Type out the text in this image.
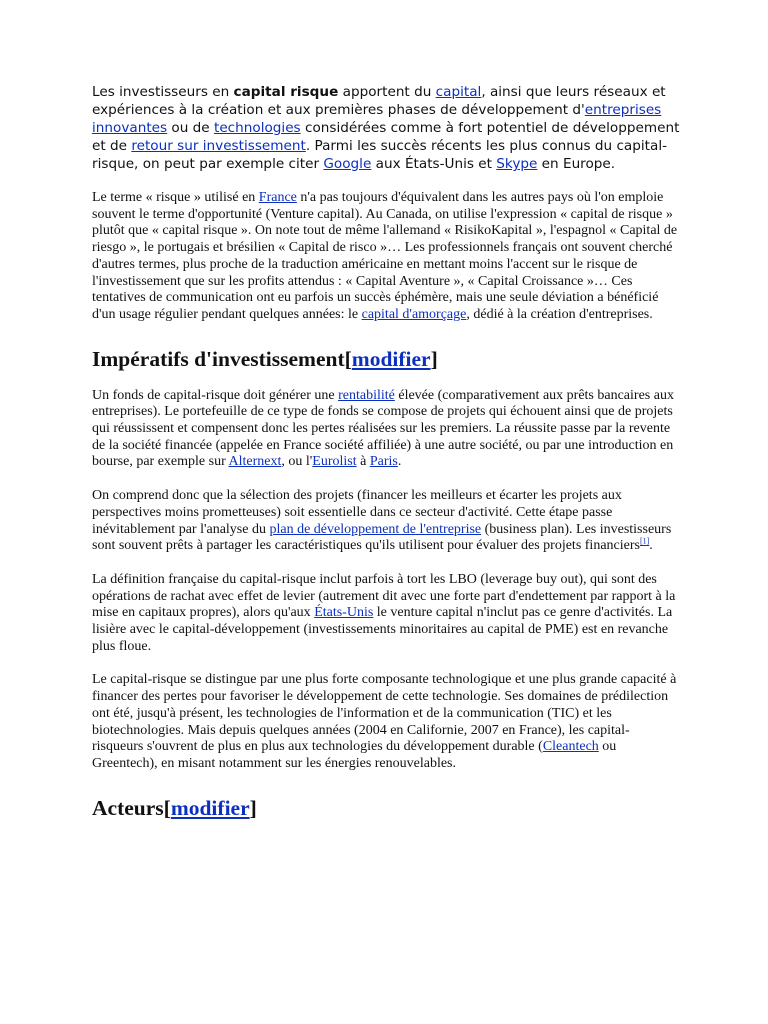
Les investisseurs en capital risque apportent du capital, ainsi que leurs réseaux et expériences à la création et aux premières phases de développement d'entreprises innovantes ou de technologies considérées comme à fort potentiel de développement et de retour sur investissement. Parmi les succès récents les plus connus du capital-risque, on peut par exemple citer Google aux États-Unis et Skype en Europe.

Le terme « risque » utilisé en France n'a pas toujours d'équivalent dans les autres pays où l'on emploie souvent le terme d'opportunité (Venture capital). Au Canada, on utilise l'expression « capital de risque » plutôt que « capital risque ». On note tout de même l'allemand « RisikoKapital », l'espagnol « Capital de riesgo », le portugais et brésilien « Capital de risco »… Les professionnels français ont souvent cherché d'autres termes, plus proche de la traduction américaine en mettant moins l'accent sur le risque de l'investissement que sur les profits attendus : « Capital Aventure », « Capital Croissance »… Ces tentatives de communication ont eu parfois un succès éphémère, mais une seule déviation a bénéficié d'un usage régulier pendant quelques années: le capital d'amorçage, dédié à la création d'entreprises.

Impératifs d'investissement[modifier]

Un fonds de capital-risque doit générer une rentabilité élevée (comparativement aux prêts bancaires aux entreprises). Le portefeuille de ce type de fonds se compose de projets qui échouent ainsi que de projets qui réussissent et compensent donc les pertes réalisées sur les premiers. La réussite passe par la revente de la société financée (appelée en France société affiliée) à une autre société, ou par une introduction en bourse, par exemple sur Alternext, ou l'Eurolist à Paris.

On comprend donc que la sélection des projets (financer les meilleurs et écarter les projets aux perspectives moins prometteuses) soit essentielle dans ce secteur d'activité. Cette étape passe inévitablement par l'analyse du plan de développement de l'entreprise (business plan). Les investisseurs sont souvent prêts à partager les caractéristiques qu'ils utilisent pour évaluer des projets financiers[1].

La définition française du capital-risque inclut parfois à tort les LBO (leverage buy out), qui sont des opérations de rachat avec effet de levier (autrement dit avec une forte part d'endettement par rapport à la mise en capitaux propres), alors qu'aux États-Unis le venture capital n'inclut pas ce genre d'activités. La lisière avec le capital-développement (investissements minoritaires au capital de PME) est en revanche plus floue.

Le capital-risque se distingue par une plus forte composante technologique et une plus grande capacité à financer des pertes pour favoriser le développement de cette technologie. Ses domaines de prédilection ont été, jusqu'à présent, les technologies de l'information et de la communication (TIC) et les biotechnologies. Mais depuis quelques années (2004 en Californie, 2007 en France), les capital-risqueurs s'ouvrent de plus en plus aux technologies du développement durable (Cleantech ou Greentech), en misant notamment sur les énergies renouvelables.

Acteurs[modifier]
